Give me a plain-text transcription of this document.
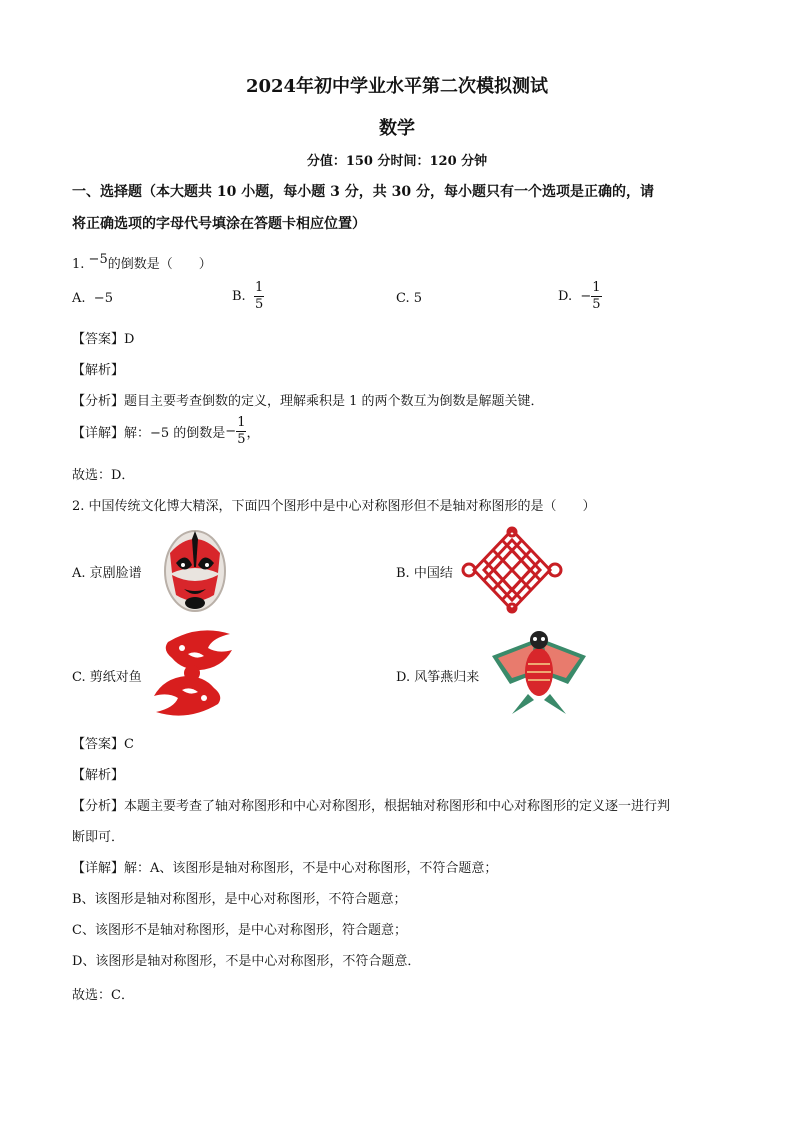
2024年初中学业水平第二次模拟测试
数学
分值：150 分时间：120 分钟
一、选择题（本大题共 10 小题，每小题 3 分，共 30 分，每小题只有一个选项是正确的，请
将正确选项的字母代号填涂在答题卡相应位置）
1. −5的倒数是（　　）
A. −5	B. $\frac{1}{5}$	C. 5	D. − $\frac{1}{5}$
【答案】D
【解析】
【分析】题目主要考查倒数的定义，理解乘积是 1 的两个数互为倒数是解题关键．
【详解】解：−5 的倒数是− $\frac{1}{5}$ ，
故选：D．
2. 中国传统文化博大精深，下面四个图形中是中心对称图形但不是轴对称图形的是（　　）
A. 京剧脸谱	B. 中国结
C. 剪纸对鱼	D. 风筝燕归来
【答案】C
【解析】
【分析】本题主要考查了轴对称图形和中心对称图形，根据轴对称图形和中心对称图形的定义逐一进行判
断即可．
【详解】解：A、该图形是轴对称图形，不是中心对称图形，不符合题意；
B、该图形是轴对称图形，是中心对称图形，不符合题意；
C、该图形不是轴对称图形，是中心对称图形，符合题意；
D、该图形是轴对称图形，不是中心对称图形，不符合题意．
故选：C．
